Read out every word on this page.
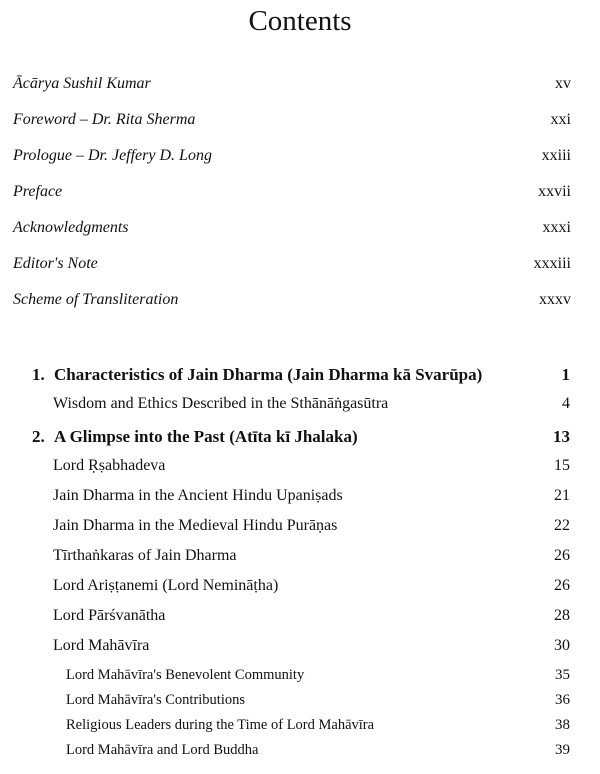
Contents
Ācārya Sushil Kumar	xv
Foreword – Dr. Rita Sherma	xxi
Prologue – Dr. Jeffery D. Long	xxiii
Preface	xxvii
Acknowledgments	xxxi
Editor's Note	xxxiii
Scheme of Transliteration	xxxv
1. Characteristics of Jain Dharma (Jain Dharma kā Svarūpa)	1
Wisdom and Ethics Described in the Sthānāṅgasūtra	4
2. A Glimpse into the Past (Atīta kī Jhalaka)	13
Lord Ṛṣabhadeva	15
Jain Dharma in the Ancient Hindu Upaniṣads	21
Jain Dharma in the Medieval Hindu Purāṇas	22
Tīrthaṅkaras of Jain Dharma	26
Lord Ariṣṭanemi (Lord Nemināṭha)	26
Lord Pārśvanātha	28
Lord Mahāvīra	30
Lord Mahāvīra's Benevolent Community	35
Lord Mahāvīra's Contributions	36
Religious Leaders during the Time of Lord Mahāvīra	38
Lord Mahāvīra and Lord Buddha	39
